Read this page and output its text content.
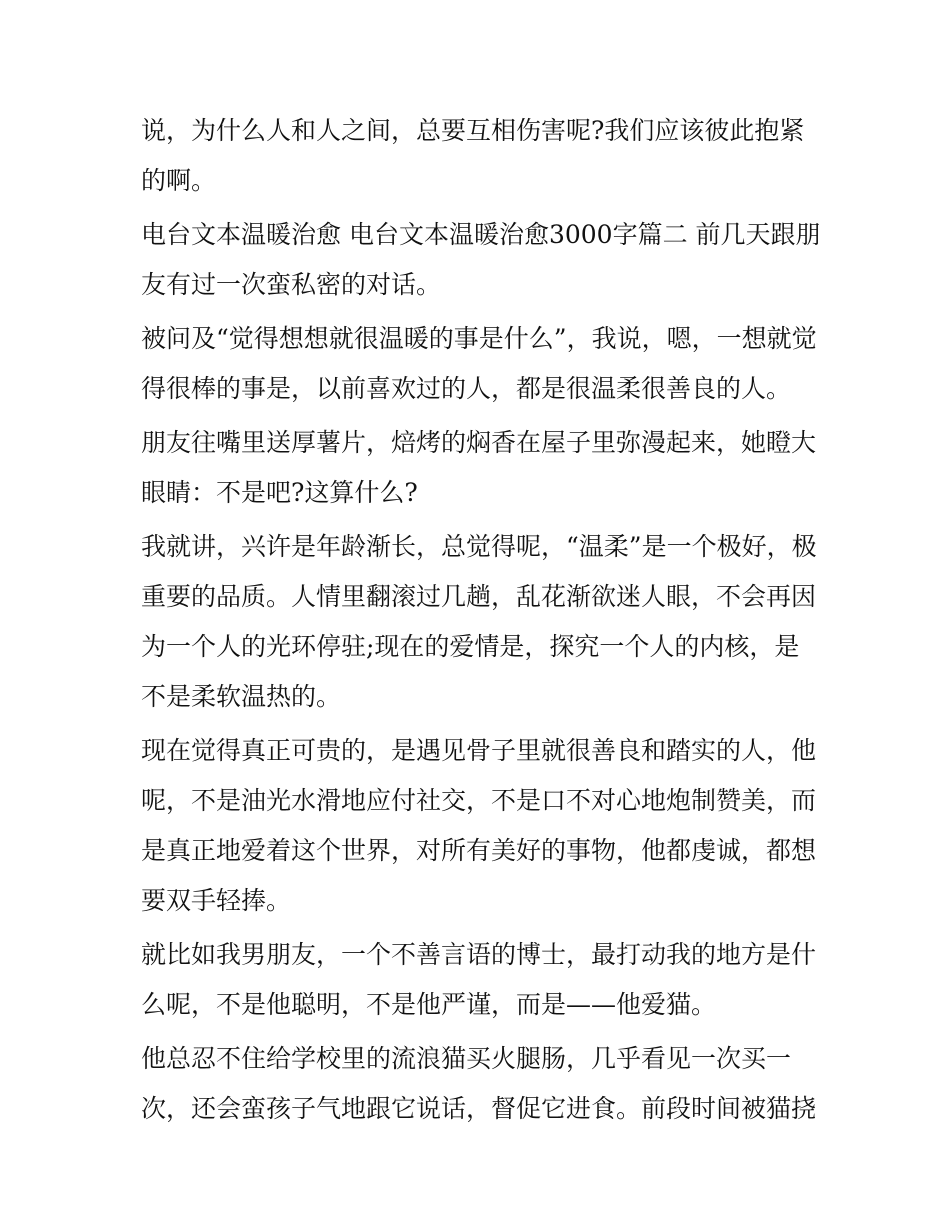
说，为什么人和人之间，总要互相伤害呢?我们应该彼此抱紧
的啊。
电台文本温暖治愈 电台文本温暖治愈3000字篇二 前几天跟朋
友有过一次蛮私密的对话。
被问及“觉得想想就很温暖的事是什么”，我说，嗯，一想就觉
得很棒的事是，以前喜欢过的人，都是很温柔很善良的人。
朋友往嘴里送厚薯片，焙烤的焖香在屋子里弥漫起来，她瞪大
眼睛：不是吧?这算什么?
我就讲，兴许是年龄渐长，总觉得呢，“温柔”是一个极好，极
重要的品质。人情里翻滚过几趟，乱花渐欲迷人眼，不会再因
为一个人的光环停驻;现在的爱情是，探究一个人的内核，是
不是柔软温热的。
现在觉得真正可贵的，是遇见骨子里就很善良和踏实的人，他
呢，不是油光水滑地应付社交，不是口不对心地炮制赞美，而
是真正地爱着这个世界，对所有美好的事物，他都虔诚，都想
要双手轻捧。
就比如我男朋友，一个不善言语的博士，最打动我的地方是什
么呢，不是他聪明，不是他严谨，而是——他爱猫。
他总忍不住给学校里的流浪猫买火腿肠，几乎看见一次买一
次，还会蛮孩子气地跟它说话，督促它进食。前段时间被猫挠
